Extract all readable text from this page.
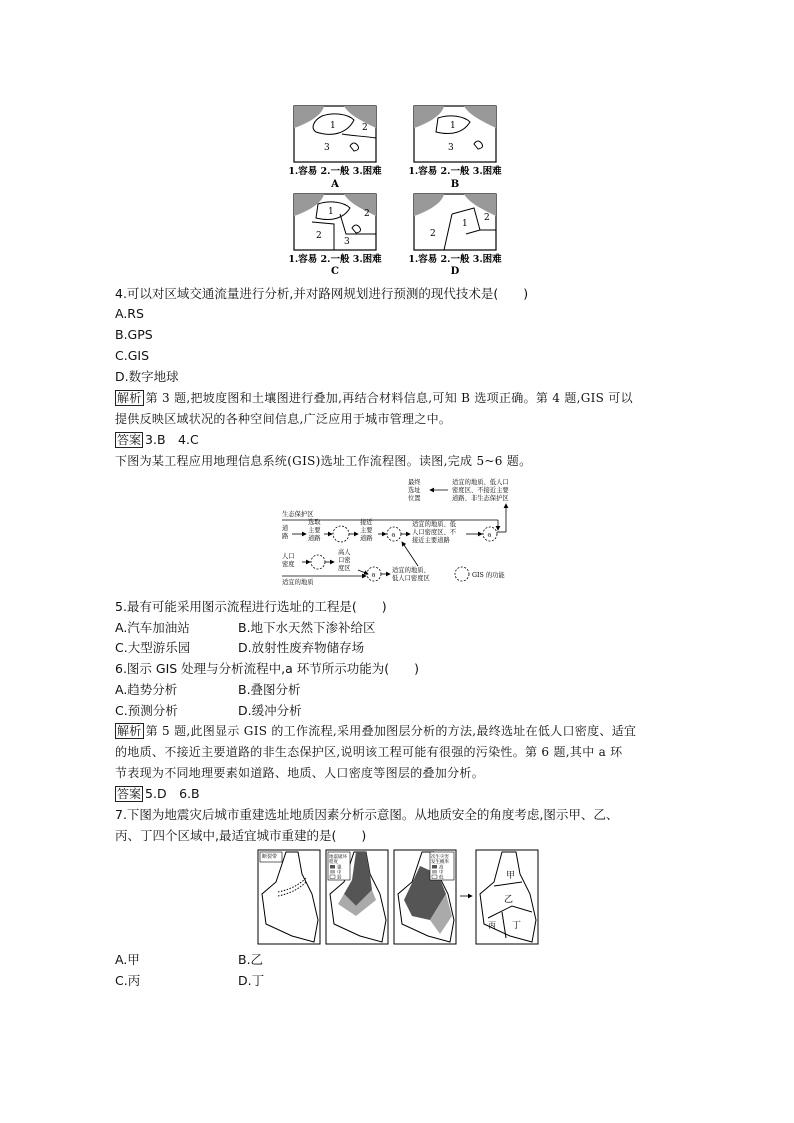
1	2
3
1
3
1	2
2
3
2
1
2
1.容易 2.一般 3.困难
A
1.容易 2.一般 3.困难
B
1.容易 2.一般 3.困难
C
1.容易 2.一般 3.困难
D
4.可以对区域交通流量进行分析,并对路网规划进行预测的现代技术是(　　)
A.RS
B.GPS
C.GIS
D.数字地球
解析 第 3 题,把坡度图和土壤图进行叠加,再结合材料信息,可知 B 选项正确。第 4 题,GIS 可以
提供反映区域状况的各种空间信息,广泛应用于城市管理之中。
答案 3.B　4.C
下图为某工程应用地理信息系统(GIS)选址工作流程图。读图,完成 5~6 题。
最终
选址
位置
适宜的地质、低人口
密度区、不接近主要
道路、非生态保护区
生态保护区
道
路
选取
主要
道路
接近
主要
道路	a
适宜的地质、低
人口密度区、不
接近主要道路
a
人口
密度
高人
口密
度区
适宜的地质
a	适宜的地质、
低人口密度区	GIS 的功能
5.最有可能采用图示流程进行选址的工程是(　　)
A.汽车加油站	B.地下水天然下渗补给区
C.大型游乐园	D.放射性废弃物储存场
6.图示 GIS 处理与分析流程中,a 环节所示功能为(　　)
A.趋势分析	B.叠图分析
C.预测分析	D.缓冲分析
解析 第 5 题,此图显示 GIS 的工作流程,采用叠加图层分析的方法,最终选址在低人口密度、适宜
的地质、不接近主要道路的非生态保护区,说明该工程可能有很强的污染性。第 6 题,其中 a 环
节表现为不同地理要素如道路、地质、人口密度等图层的叠加分析。
答案 5.D　6.B
7.下图为地震灾后城市重建选址地质因素分析示意图。从地质安全的角度考虑,图示甲、乙、
丙、丁四个区域中,最适宜城市重建的是(　　)
断裂带	地震破坏
程度
强
中
弱
次生灾害
发生概率
高
中
低	甲
乙
丙 丁
A.甲	B.乙
C.丙	D.丁
